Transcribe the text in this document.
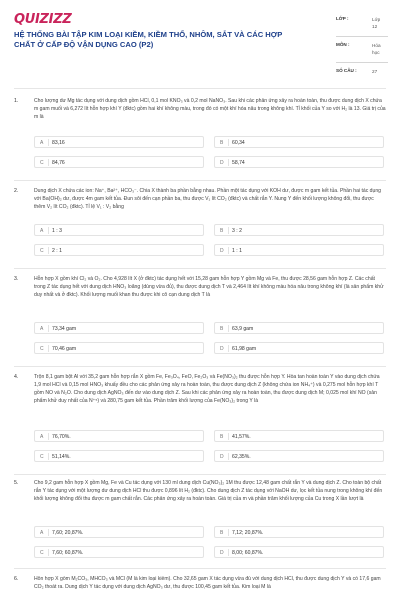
QUIZIZZ
HỆ THỐNG BÀI TẬP KIM LOẠI KIỀM, KIỀM THỔ, NHÔM, SẮT VÀ CÁC HỢP CHẤT Ở CẤP ĐỘ VẬN DỤNG CAO (P2)
LỚP :	Lớp 12
MÔN :	Hóa học
SỐ CÂU :	27
1.	Cho lượng dư Mg tác dụng với dung dịch gồm HCl, 0,1 mol KNO₃ và 0,2 mol NaNO₃. Sau khi các phản ứng xảy ra hoàn toàn, thu được dung dịch X chứa m gam muối và 6,272 lít hỗn hợp khí Y (đktc) gồm hai khí không màu, trong đó có một khí hóa nâu trong không khí. Tỉ khối của Y so với H₂ là 13. Giá trị của m là
A 83,16	B 60,34
C 84,76	D 58,74
2.	Dung dịch X chứa các ion: Na⁺, Ba²⁺, HCO₃⁻. Chia X thành ba phần bằng nhau. Phần một tác dụng với KOH dư, được m gam kết tủa. Phần hai tác dụng với Ba(OH)₂ dư, được 4m gam kết tủa. Đun sôi đến cạn phần ba, thu được V₁ lít CO₂ (đktc) và chất rắn Y. Nung Y đến khối lượng không đổi, thu được thêm V₂ lít CO₂ (đktc). Tỉ lệ V₁ : V₂ bằng
A 1 : 3	B 3 : 2
C 2 : 1	D 1 : 1
3.	Hỗn hợp X gồm khí Cl₂ và O₂. Cho 4,928 lít X (ở đktc) tác dụng hết với 15,28 gam hỗn hợp Y gồm Mg và Fe, thu được 28,56 gam hỗn hợp Z. Các chất trong Z tác dụng hết với dung dịch HNO₃ loãng (dùng vừa đủ), thu được dung dịch T và 2,464 lít khí không màu hóa nâu trong không khí (là sản phẩm khử duy nhất và ở đktc). Khối lượng muối khan thu được khi cô cạn dung dịch T là
A 73,34 gam	B 63,9 gam
C 70,46 gam	D 61,98 gam
4.	Trộn 8,1 gam bột Al với 35,2 gam hỗn hợp rắn X gồm Fe, Fe₃O₄, FeO, Fe₂O₃ và Fe(NO₃)₂ thu được hỗn hợp Y. Hòa tan hoàn toàn Y vào dung dịch chứa 1,9 mol HCl và 0,15 mol HNO₃ khuấy đều cho các phản ứng xảy ra hoàn toàn, thu được dung dịch Z (không chứa ion NH₄⁺) và 0,275 mol hỗn hợp khí T gồm NO và N₂O. Cho dung dịch AgNO₃ đến dư vào dung dịch Z. Sau khi các phản ứng xảy ra hoàn toàn, thu được dung dịch M; 0,025 mol khí NO (sản phẩm khử duy nhất của N⁺⁵) và 280,75 gam kết tủa. Phần trăm khối lượng của Fe(NO₃)₂ trong Y là
A 76,70%.	B 41,57%.
C 51,14%.	D 62,35%.
5.	Cho 9,2 gam hỗn hợp X gồm Mg, Fe và Cu tác dụng với 130 ml dung dịch Cu(NO₃)₂ 1M thu được 12,48 gam chất rắn Y và dung dịch Z. Cho toàn bộ chất rắn Y tác dụng với một lượng dư dung dịch HCl thu được 0,896 lít H₂ (đktc). Cho dung dịch Z tác dụng với NaOH dư, lọc kết tủa nung trong không khí đến khối lượng không đổi thu được m gam chất rắn. Các phản ứng xảy ra hoàn toàn. Giá trị của m và phần trăm khối lượng của Cu trong X lần lượt là
A 7,60; 20,87%.	B 7,12; 20,87%.
C 7,60; 60,87%.	D 8,00; 60,87%.
6.	Hỗn hợp X gồm M₂CO₃, MHCO₃ và MCl (M là kim loại kiềm). Cho 32,65 gam X tác dụng vừa đủ với dung dịch HCl, thu được dung dịch Y và có 17,6 gam CO₂ thoát ra. Dung dịch Y tác dụng với dung dịch AgNO₃ dư, thu được 100,45 gam kết tủa. Kim loại M là
